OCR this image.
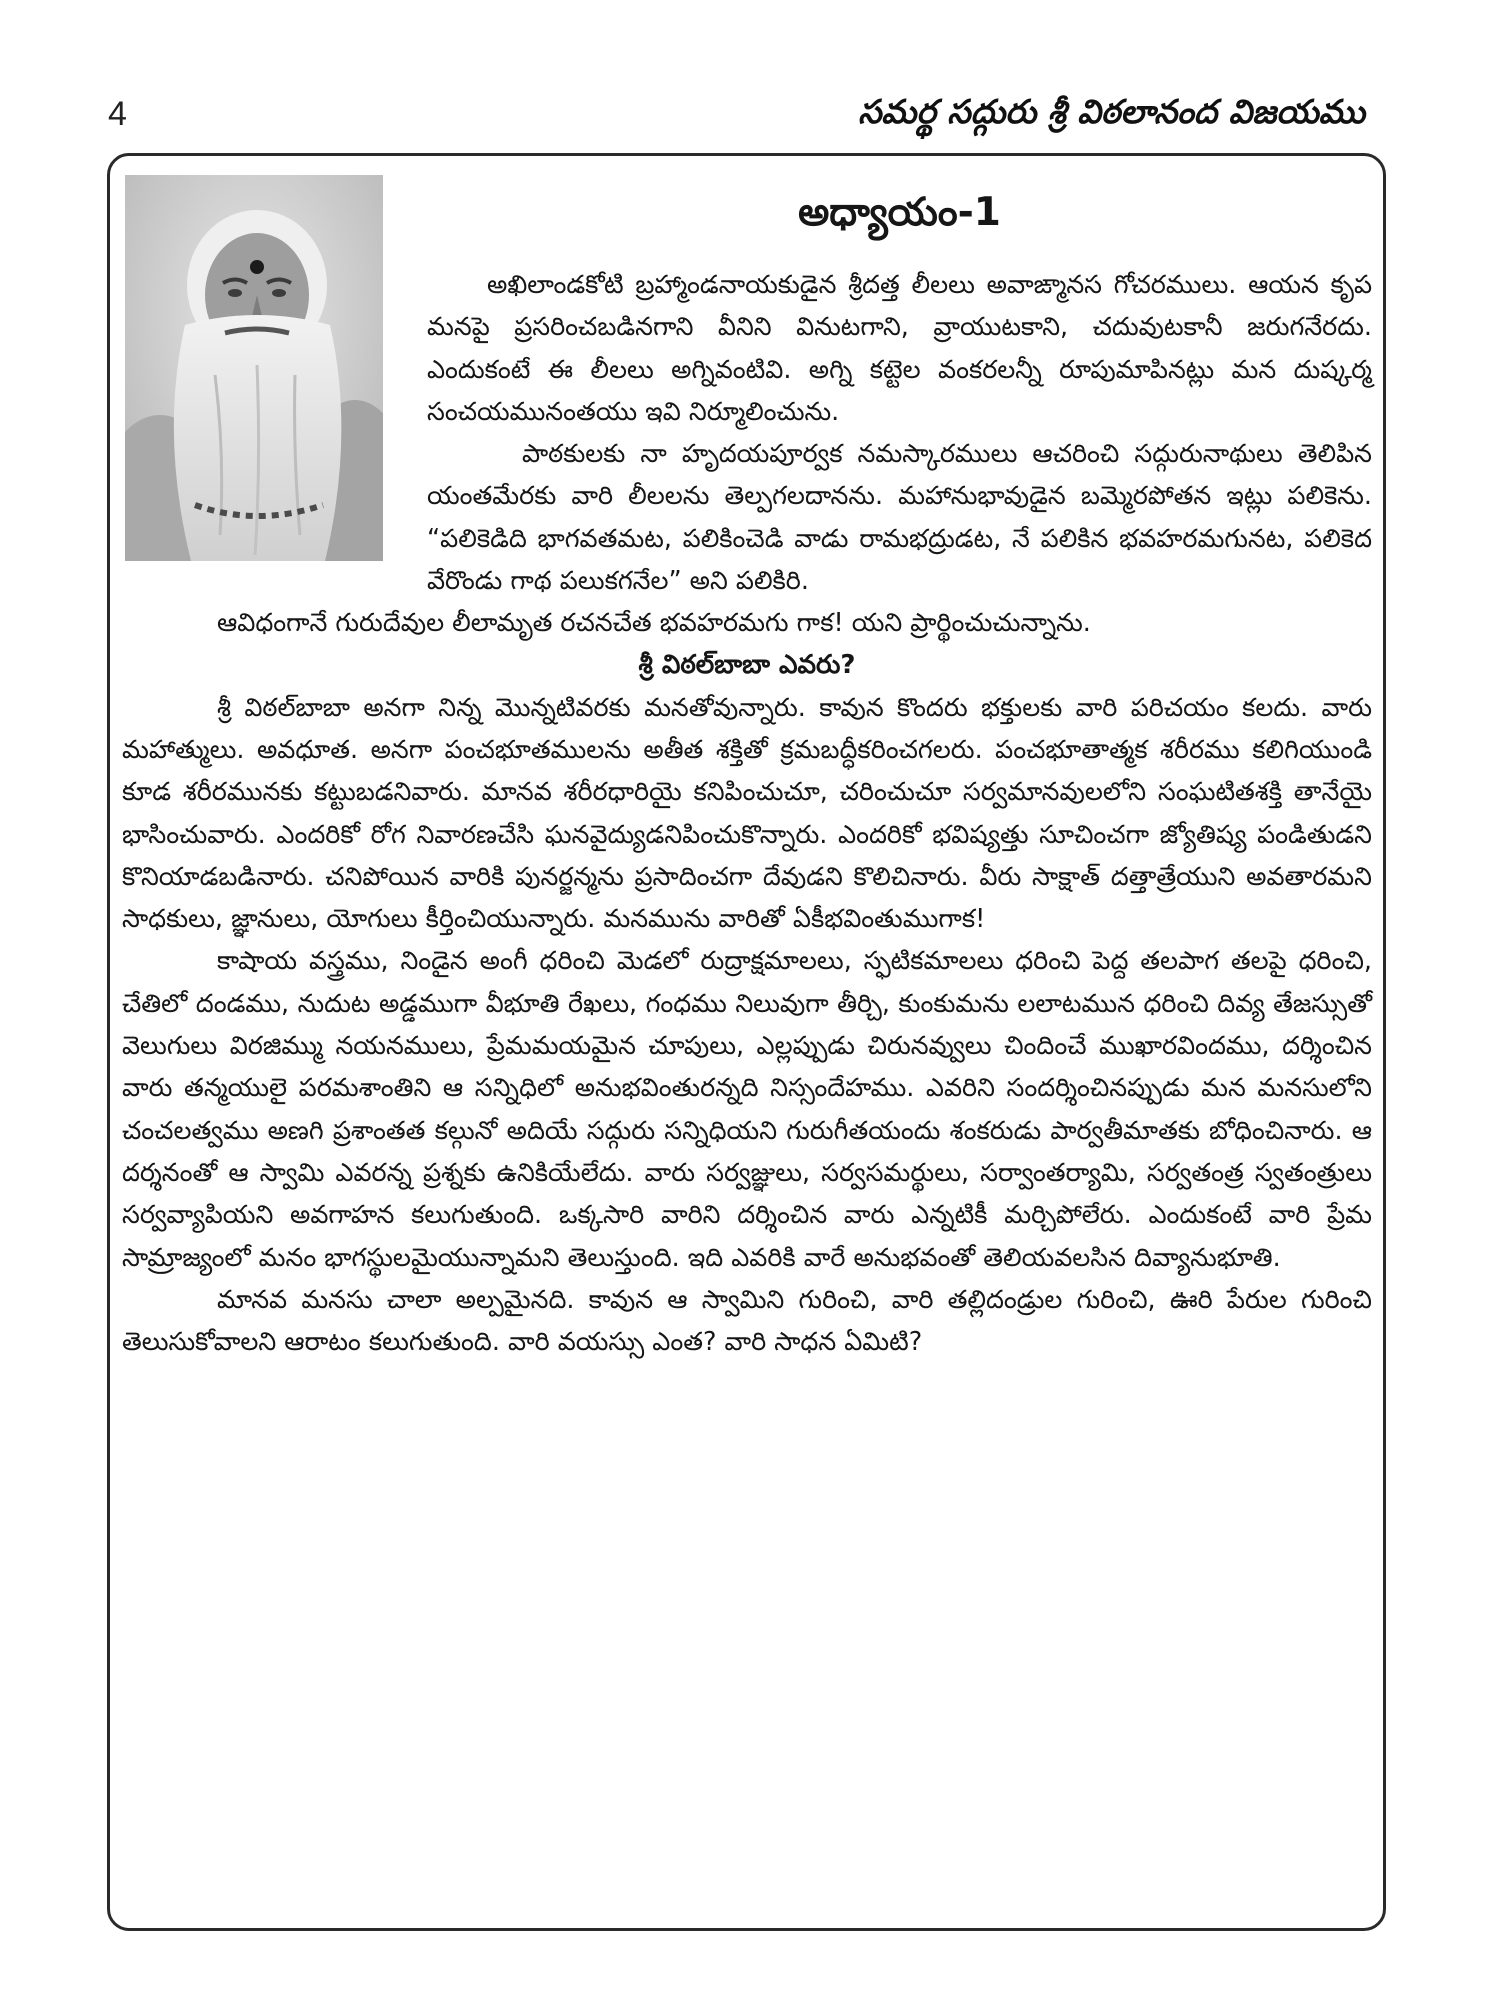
4	సమర్థ సద్గురు శ్రీ విఠలానంద విజయము
అధ్యాయం-1

అఖిలాండకోటి బ్రహ్మాండనాయకుడైన శ్రీదత్త లీలలు అవాఙ్మానస గోచరములు. ఆయన కృప మనపై ప్రసరించబడినగాని వీనిని వినుటగాని, వ్రాయుటకాని, చదువుటకానీ జరుగనేరదు. ఎందుకంటే ఈ లీలలు అగ్నివంటివి. అగ్ని కట్టెల వంకరలన్నీ రూపుమాపినట్లు మన దుష్కర్మ సంచయమునంతయు ఇవి నిర్మూలించును.

పాఠకులకు నా హృదయపూర్వక నమస్కారములు ఆచరించి సద్గురునాథులు తెలిపిన యంతమేరకు వారి లీలలను తెల్పగలదానను. మహానుభావుడైన బమ్మెరపోతన ఇట్లు పలికెను. “పలికెడిది భాగవతమట, పలికించెడి వాడు రామభద్రుడట, నే పలికిన భవహరమగునట, పలికెద వేరొండు గాథ పలుకగనేల” అని పలికిరి.

ఆవిధంగానే గురుదేవుల లీలామృత రచనచేత భవహరమగు గాక! యని ప్రార్థించుచున్నాను.

శ్రీ విఠల్‌బాబా ఎవరు?

శ్రీ విఠల్‌బాబా అనగా నిన్న మొన్నటివరకు మనతోవున్నారు. కావున కొందరు భక్తులకు వారి పరిచయం కలదు. వారు మహాత్ములు. అవధూత. అనగా పంచభూతములను అతీత శక్తితో క్రమబద్ధీకరించగలరు. పంచభూతాత్మక శరీరము కలిగియుండి కూడ శరీరమునకు కట్టుబడనివారు. మానవ శరీరధారియై కనిపించుచూ, చరించుచూ సర్వమానవులలోని సంఘటితశక్తి తానేయై భాసించువారు. ఎందరికో రోగ నివారణచేసి ఘనవైద్యుడనిపించుకొన్నారు. ఎందరికో భవిష్యత్తు సూచించగా జ్యోతిష్య పండితుడని కొనియాడబడినారు. చనిపోయిన వారికి పునర్జన్మను ప్రసాదించగా దేవుడని కొలిచినారు. వీరు సాక్షాత్ దత్తాత్రేయుని అవతారమని సాధకులు, జ్ఞానులు, యోగులు కీర్తించియున్నారు. మనమును వారితో ఏకీభవింతుముగాక!

కాషాయ వస్త్రము, నిండైన అంగీ ధరించి మెడలో రుద్రాక్షమాలలు, స్ఫటికమాలలు ధరించి పెద్ద తలపాగ తలపై ధరించి, చేతిలో దండము, నుదుట అడ్డముగా వీభూతి రేఖలు, గంధము నిలువుగా తీర్చి, కుంకుమను లలాటమున ధరించి దివ్య తేజస్సుతో వెలుగులు విరజిమ్ము నయనములు, ప్రేమమయమైన చూపులు, ఎల్లప్పుడు చిరునవ్వులు చిందించే ముఖారవిందము, దర్శించిన వారు తన్మయులై పరమశాంతిని ఆ సన్నిధిలో అనుభవింతురన్నది నిస్సందేహము. ఎవరిని సందర్శించినప్పుడు మన మనసులోని చంచలత్వము అణగి ప్రశాంతత కల్గునో అదియే సద్గురు సన్నిధియని గురుగీతయందు శంకరుడు పార్వతీమాతకు బోధించినారు. ఆ దర్శనంతో ఆ స్వామి ఎవరన్న ప్రశ్నకు ఉనికియేలేదు. వారు సర్వజ్ఞులు, సర్వసమర్థులు, సర్వాంతర్యామి, సర్వతంత్ర స్వతంత్రులు సర్వవ్యాపియని అవగాహన కలుగుతుంది. ఒక్కసారి వారిని దర్శించిన వారు ఎన్నటికీ మర్చిపోలేరు. ఎందుకంటే వారి ప్రేమ సామ్రాజ్యంలో మనం భాగస్థులమైయున్నామని తెలుస్తుంది. ఇది ఎవరికి వారే అనుభవంతో తెలియవలసిన దివ్యానుభూతి.

మానవ మనసు చాలా అల్పమైనది. కావున ఆ స్వామిని గురించి, వారి తల్లిదండ్రుల గురించి, ఊరి పేరుల గురించి తెలుసుకోవాలని ఆరాటం కలుగుతుంది. వారి వయస్సు ఎంత? వారి సాధన ఏమిటి?
